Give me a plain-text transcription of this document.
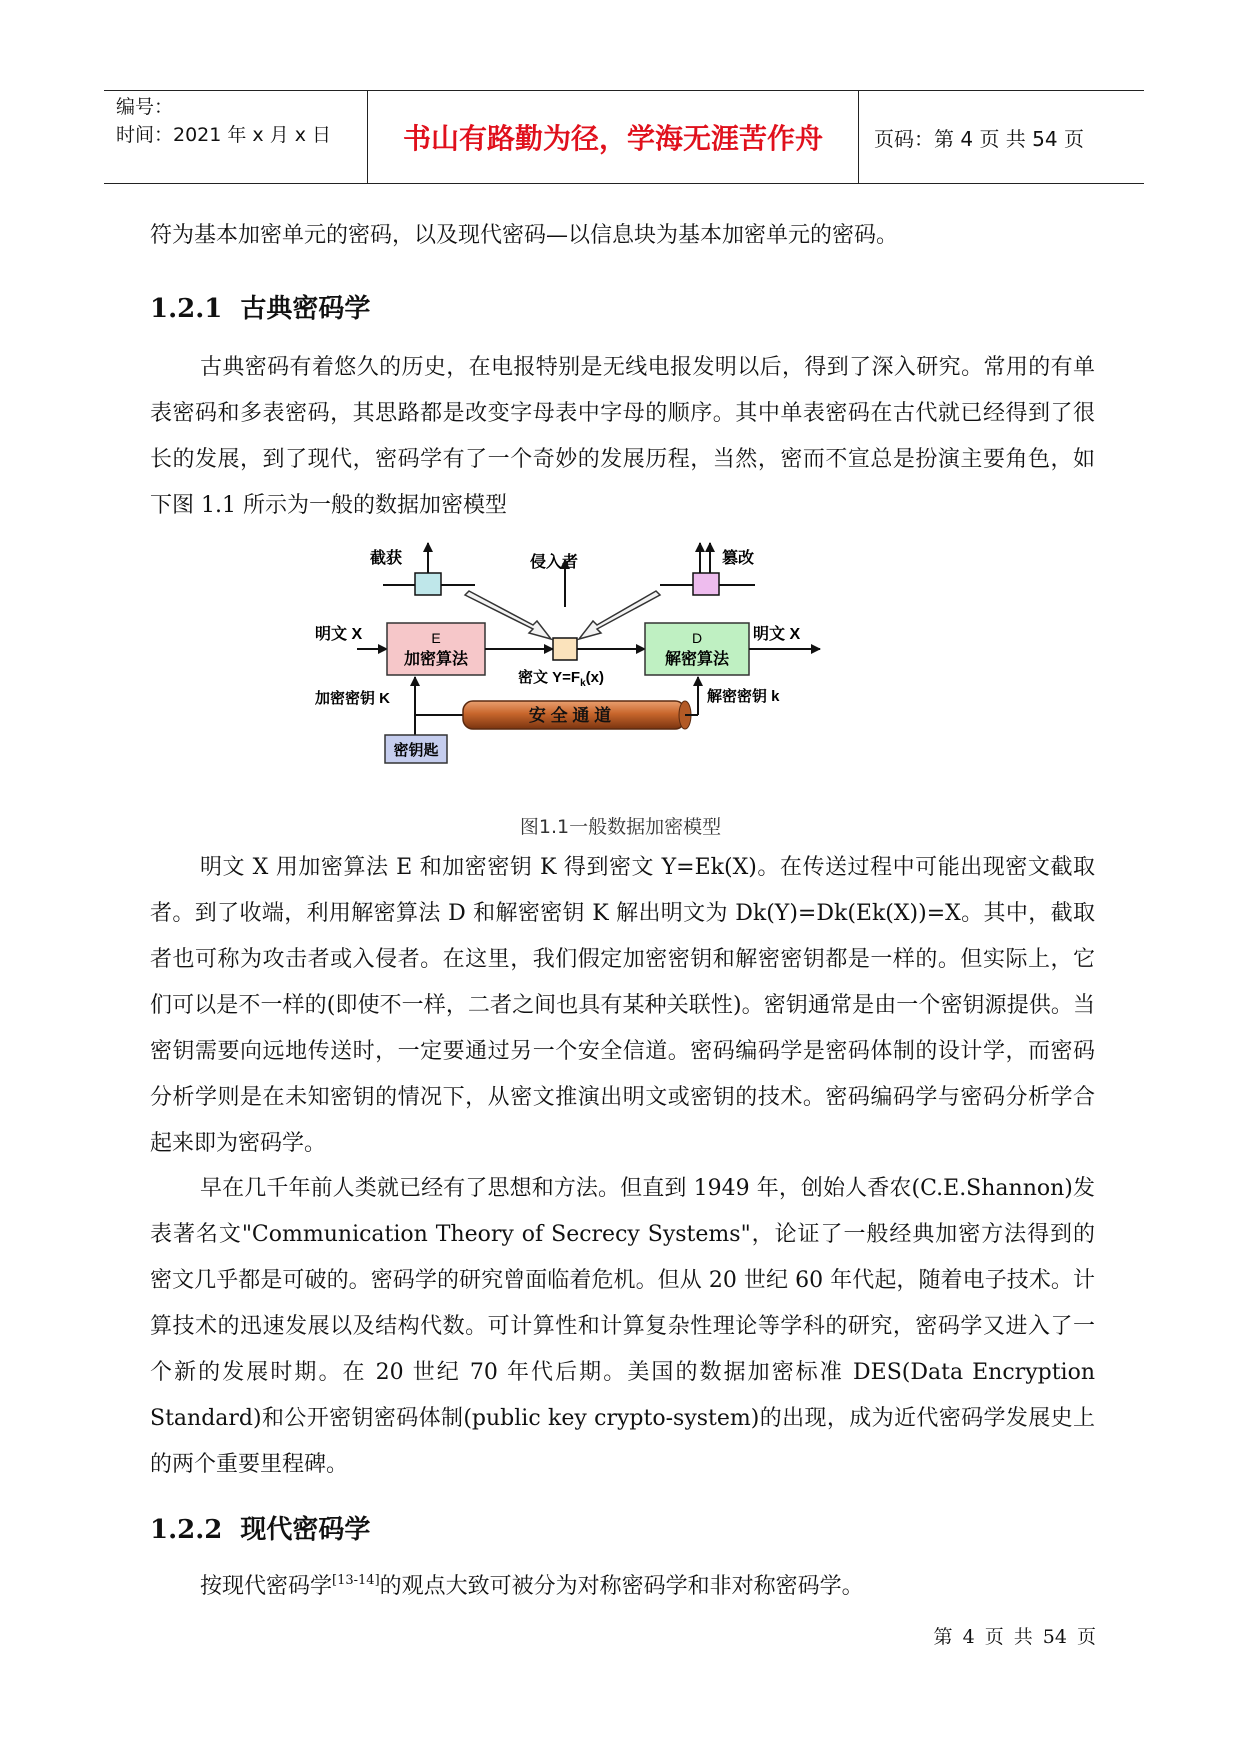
编号：
时间：2021 年 x 月 x 日	书山有路勤为径，学海无涯苦作舟	页码：第 4 页 共 54 页

符为基本加密单元的密码，以及现代密码—以信息块为基本加密单元的密码。

1.2.1 古典密码学

古典密码有着悠久的历史，在电报特别是无线电报发明以后，得到了深入研究。常用的有单表密码和多表密码，其思路都是改变字母表中字母的顺序。其中单表密码在古代就已经得到了很长的发展，到了现代，密码学有了一个奇妙的发展历程，当然，密而不宣总是扮演主要角色，如下图 1.1 所示为一般的数据加密模型

截获	侵入者	篡改
明文 X	E
加密算法
密文 $Y=F_k(x)$
D
解密算法
明文 X
加密密钥 K
安 全 通 道
解密密钥 k
密钥匙
图1.1一般数据加密模型

明文 X 用加密算法 E 和加密密钥 K 得到密文 Y=Ek(X)。在传送过程中可能出现密文截取者。到了收端，利用解密算法 D 和解密密钥 K 解出明文为 Dk(Y)=Dk(Ek(X))=X。其中，截取者也可称为攻击者或入侵者。在这里，我们假定加密密钥和解密密钥都是一样的。但实际上，它们可以是不一样的(即使不一样，二者之间也具有某种关联性)。密钥通常是由一个密钥源提供。当密钥需要向远地传送时，一定要通过另一个安全信道。密码编码学是密码体制的设计学，而密码分析学则是在未知密钥的情况下，从密文推演出明文或密钥的技术。密码编码学与密码分析学合起来即为密码学。

早在几千年前人类就已经有了思想和方法。但直到 1949 年，创始人香农(C.E.Shannon)发表著名文"Communication Theory of Secrecy Systems"，论证了一般经典加密方法得到的密文几乎都是可破的。密码学的研究曾面临着危机。但从 20 世纪 60 年代起，随着电子技术。计算技术的迅速发展以及结构代数。可计算性和计算复杂性理论等学科的研究，密码学又进入了一个新的发展时期。在 20 世纪 70 年代后期。美国的数据加密标准 DES(Data Encryption Standard)和公开密钥密码体制(public key crypto-system)的出现，成为近代密码学发展史上的两个重要里程碑。

1.2.2 现代密码学

按现代密码学[13-14]的观点大致可被分为对称密码学和非对称密码学。

第 4 页 共 54 页
